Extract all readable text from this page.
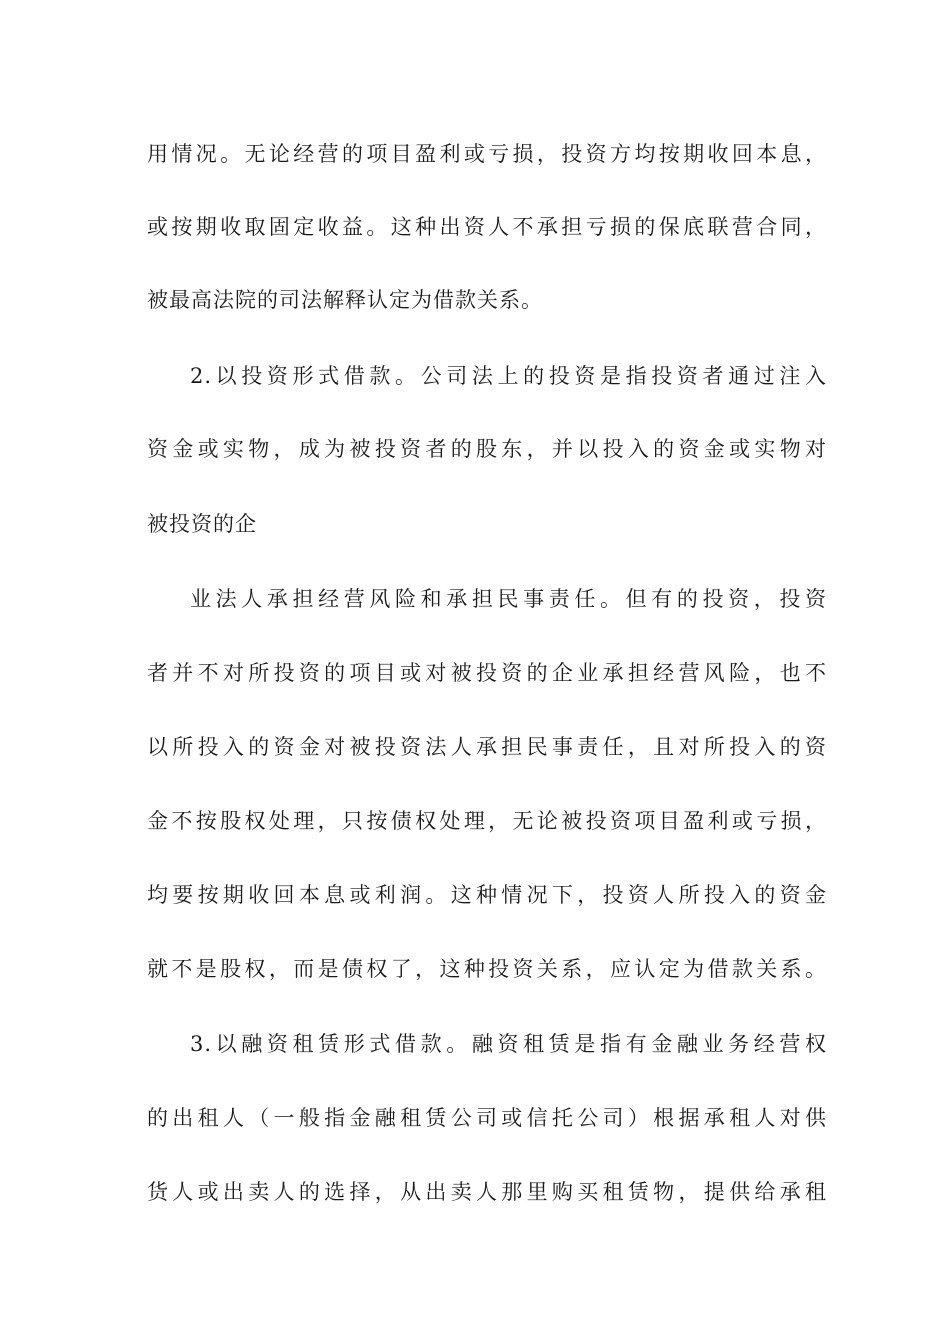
用情况。无论经营的项目盈利或亏损，投资方均按期收回本息，
或按期收取固定收益。这种出资人不承担亏损的保底联营合同，
被最高法院的司法解释认定为借款关系。
2.以投资形式借款。公司法上的投资是指投资者通过注入
资金或实物，成为被投资者的股东，并以投入的资金或实物对
被投资的企
业法人承担经营风险和承担民事责任。但有的投资，投资
者并不对所投资的项目或对被投资的企业承担经营风险，也不
以所投入的资金对被投资法人承担民事责任，且对所投入的资
金不按股权处理，只按债权处理，无论被投资项目盈利或亏损，
均要按期收回本息或利润。这种情况下，投资人所投入的资金
就不是股权，而是债权了，这种投资关系，应认定为借款关系。
3.以融资租赁形式借款。融资租赁是指有金融业务经营权
的出租人（一般指金融租赁公司或信托公司）根据承租人对供
货人或出卖人的选择，从出卖人那里购买租赁物，提供给承租
